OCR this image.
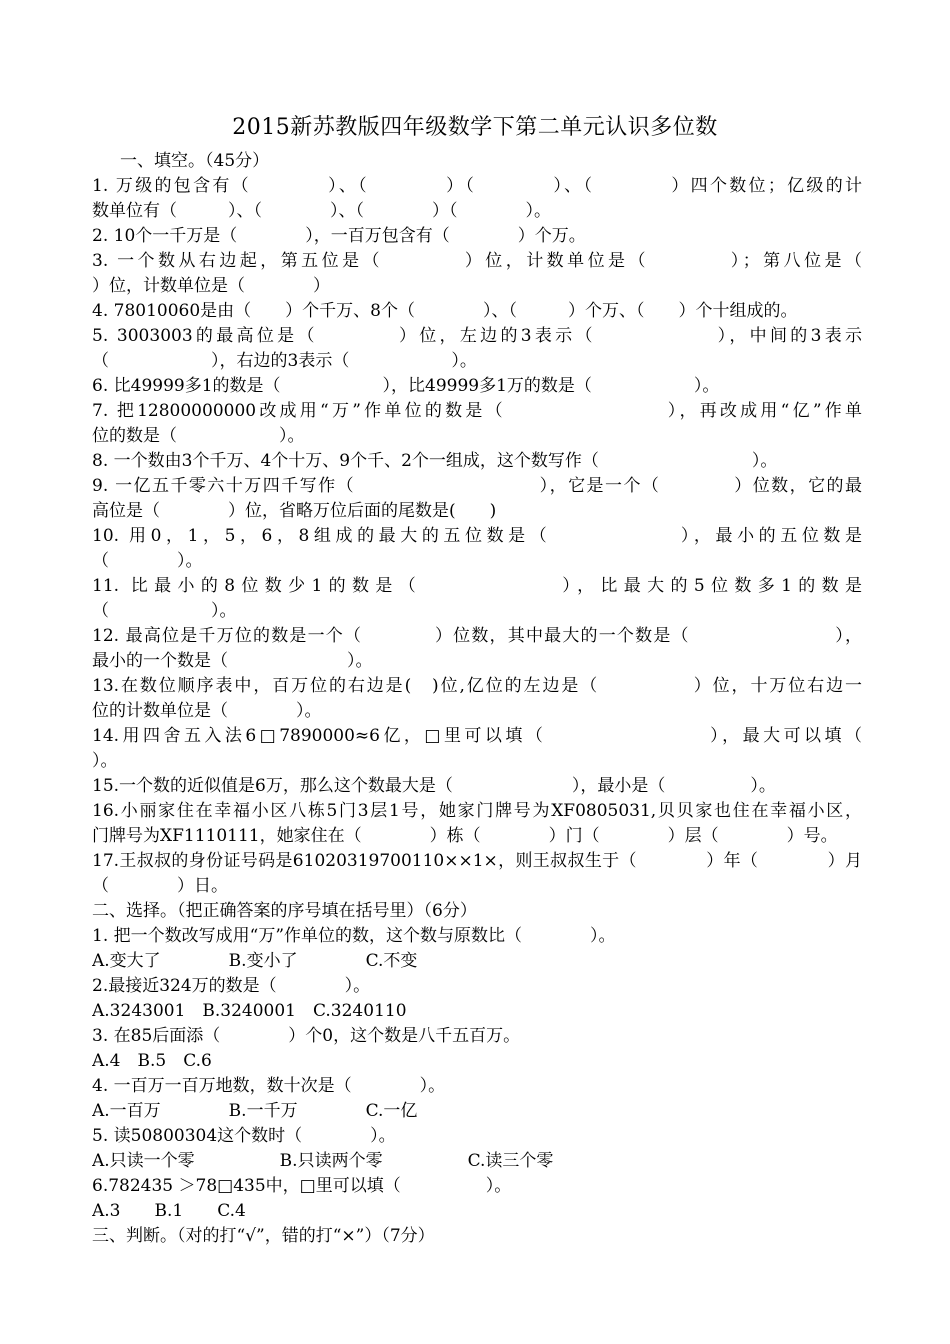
2015新苏教版四年级数学下第二单元认识多位数
一、填空。（45分）
1. 万级的包含有（　　　　）、（　　　　）（　　　　）、（　　　　）四个数位；亿级的计
数单位有（　　　）、（　　　　）、（　　　　）（　　　　）。
2. 10个一千万是（　　　　），一百万包含有（　　　　）个万。
3. 一个数从右边起，第五位是（　　　　）位，计数单位是（　　　　）；第八位是（
）位，计数单位是（　　　　）
4. 78010060是由（　　）个千万、8个（　　　　）、（　　　）个万、（　　）个十组成的。
5. 3003003的最高位是（　　　　）位，左边的3表示（　　　　　　），中间的3表示
（　　　　　　），右边的3表示（　　　　　　）。
6. 比49999多1的数是（　　　　　　），比49999多1万的数是（　　　　　　）。
7. 把12800000000改成用“万”作单位的数是（　　　　　　　　），再改成用“亿”作单
位的数是（　　　　　　）。
8. 一个数由3个千万、4个十万、9个千、2个一组成，这个数写作（　　　　　　　　　）。
9. 一亿五千零六十万四千写作（　　　　　　　　　　），它是一个（　　　　）位数，它的最
高位是（　　　　）位，省略万位后面的尾数是(　　)
10. 用0，1，5，6，8组成的最大的五位数是（　　　　　　），最小的五位数是
（　　　　）。
11. 比最小的8位数少1的数是（　　　　　　），比最大的5位数多1的数是
（　　　　　　）。
12. 最高位是千万位的数是一个（　　　　）位数，其中最大的一个数是（　　　　　　　　），
最小的一个数是（　　　　　　　）。
13.在数位顺序表中，百万位的右边是(　)位,亿位的左边是（　　　　　）位，十万位右边一
位的计数单位是（　　　　）。
14.用四舍五入法6□7890000≈6亿，□里可以填（　　　　　　　　），最大可以填（
）。
15.一个数的近似值是6万，那么这个数最大是（　　　　　　　），最小是（　　　　　）。
16.小丽家住在幸福小区八栋5门3层1号，她家门牌号为XF0805031,贝贝家也住在幸福小区，
门牌号为XF1110111，她家住在（　　　　）栋（　　　　）门（　　　　）层（　　　　）号。
17.王叔叔的身份证号码是61020319700110××1×，则王叔叔生于（　　　　）年（　　　　）月
（　　　　）日。
二、选择。（把正确答案的序号填在括号里）（6分）
1. 把一个数改写成用“万”作单位的数，这个数与原数比（　　　　）。
A.变大了　　　　B.变小了　　　　C.不变
2.最接近324万的数是（　　　　）。
A.3243001　B.3240001　C.3240110
3. 在85后面添（　　　　）个0，这个数是八千五百万。
A.4　B.5　C.6
4. 一百万一百万地数，数十次是（　　　　）。
A.一百万　　　　B.一千万　　　　C.一亿
5. 读50800304这个数时（　　　　）。
A.只读一个零　　　　　B.只读两个零　　　　　C.读三个零
6.782435 ＞78□435中，□里可以填（　　　　　）。
A.3　　B.1　　C.4
三、判断。（对的打“√”，错的打“×”）（7分）
